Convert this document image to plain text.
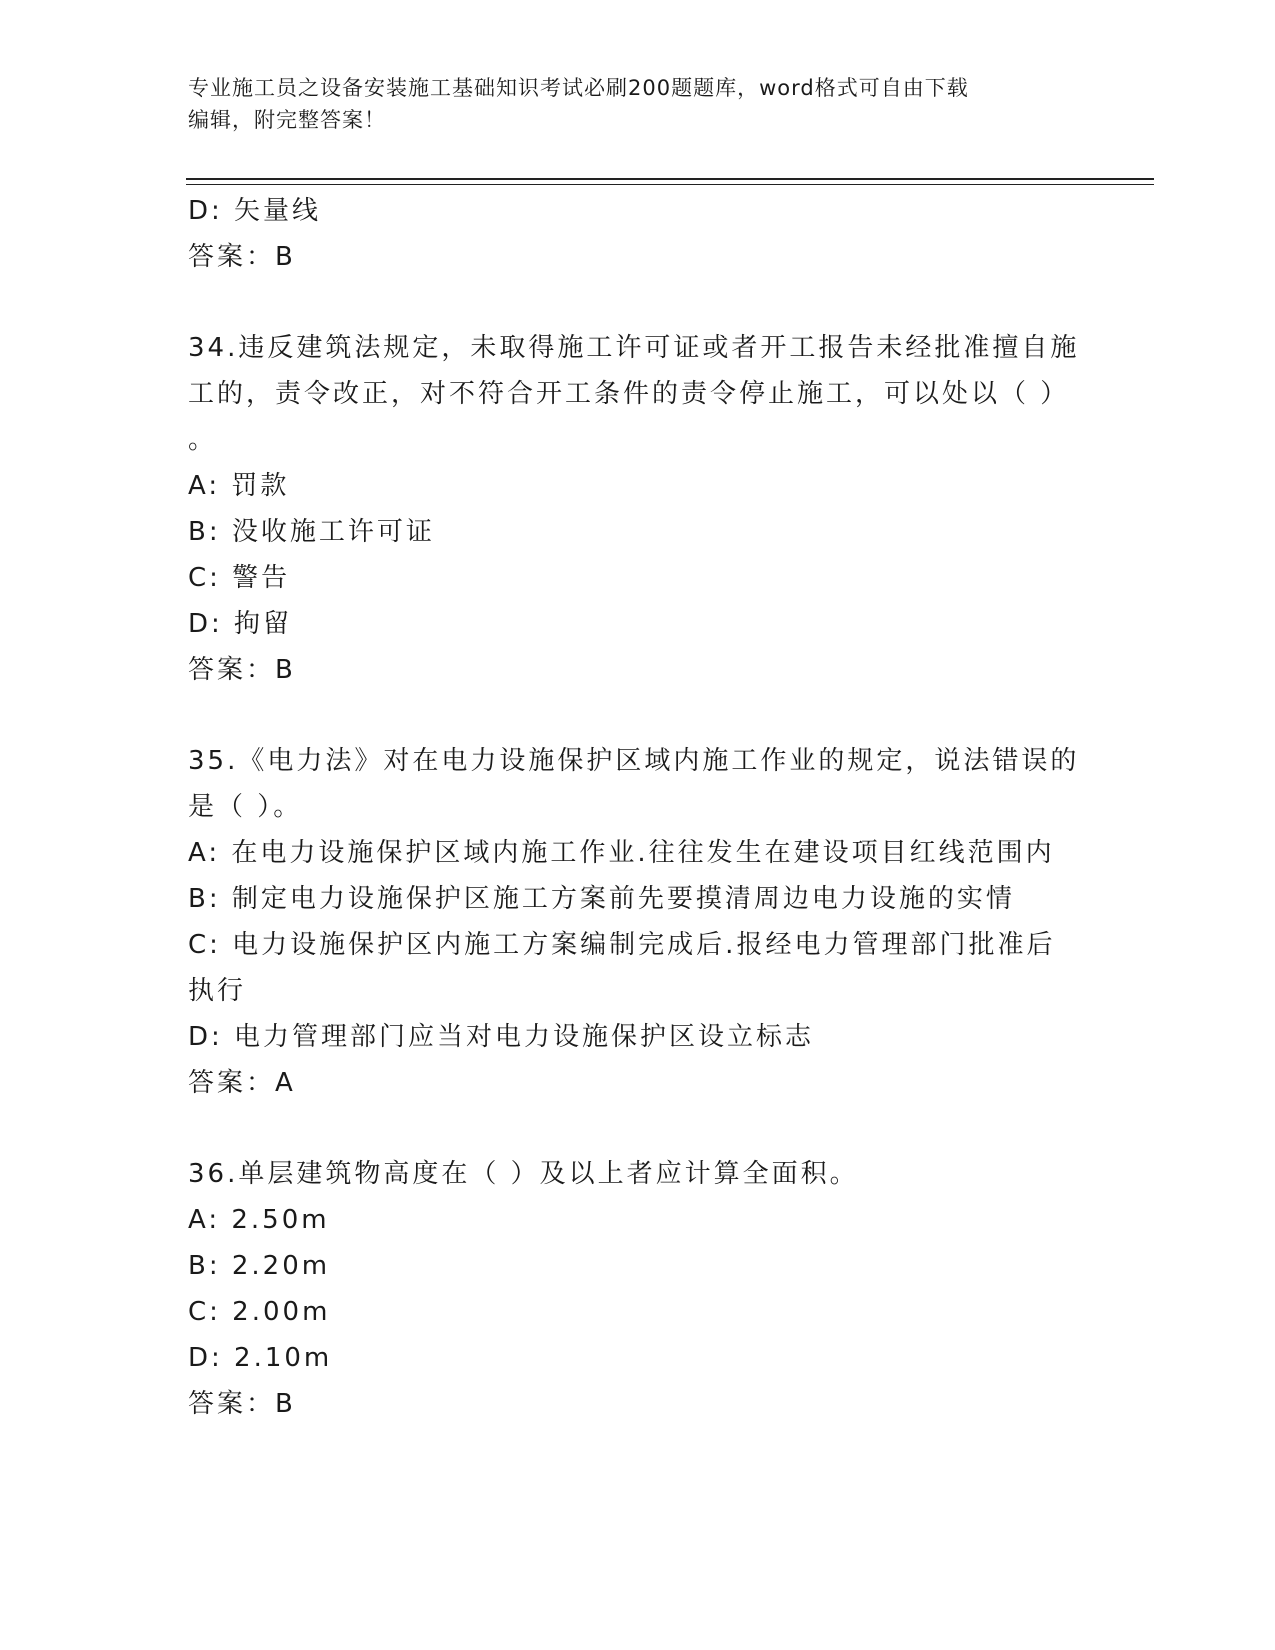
专业施工员之设备安装施工基础知识考试必刷200题题库，word格式可自由下载
编辑，附完整答案！
D: 矢量线
答案：B
34.违反建筑法规定，未取得施工许可证或者开工报告未经批准擅自施
工的，责令改正，对不符合开工条件的责令停止施工，可以处以（ ）
。
A: 罚款
B: 没收施工许可证
C: 警告
D: 拘留
答案：B
35.《电力法》对在电力设施保护区域内施工作业的规定，说法错误的
是（ ）。
A: 在电力设施保护区域内施工作业.往往发生在建设项目红线范围内
B: 制定电力设施保护区施工方案前先要摸清周边电力设施的实情
C: 电力设施保护区内施工方案编制完成后.报经电力管理部门批准后
执行
D: 电力管理部门应当对电力设施保护区设立标志
答案：A
36.单层建筑物高度在（ ）及以上者应计算全面积。
A: 2.50m
B: 2.20m
C: 2.00m
D: 2.10m
答案：B
